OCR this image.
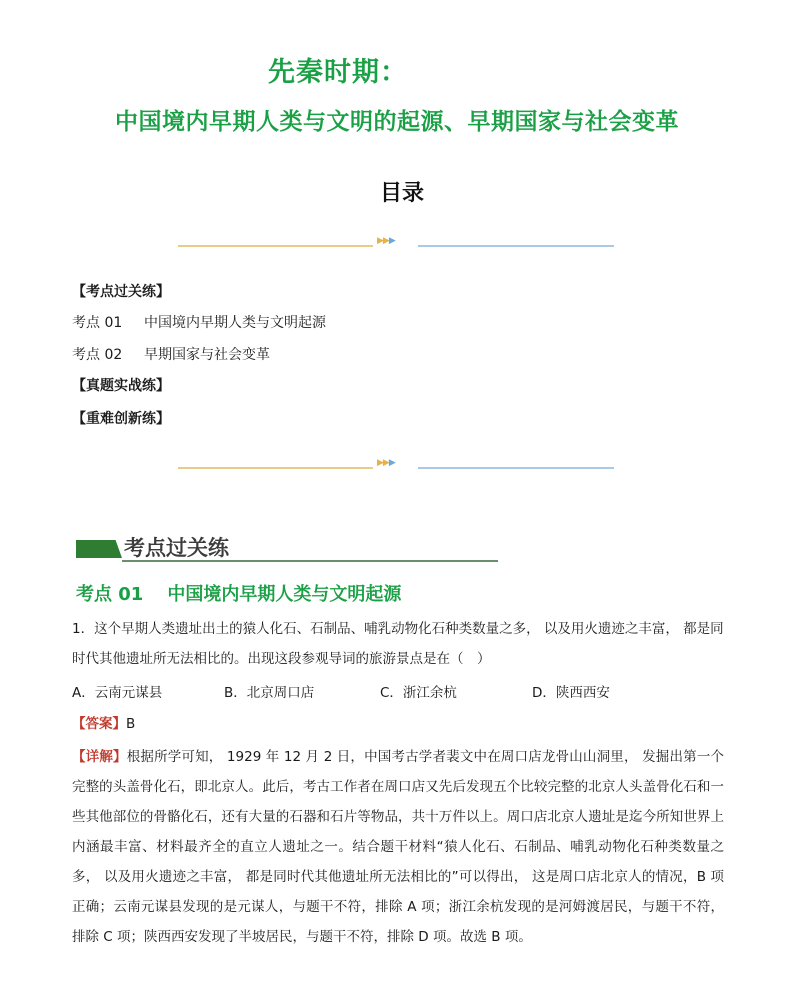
先秦时期：
中国境内早期人类与文明的起源、早期国家与社会变革
目录
▶▶▶
【考点过关练】
考点 01 中国境内早期人类与文明起源
考点 02 早期国家与社会变革
【真题实战练】
【重难创新练】
▶▶▶
考点过关练
考点 01 中国境内早期人类与文明起源
1．这个早期人类遗址出土的猿人化石、石制品、哺乳动物化石种类数量之多， 以及用火遗迹之丰富， 都是同时代其他遗址所无法相比的。出现这段参观导词的旅游景点是在（　）
A．云南元谋县	B．北京周口店	C．浙江余杭	D．陕西西安
【答案】B
【详解】根据所学可知， 1929 年 12 月 2 日，中国考古学者裴文中在周口店龙骨山山洞里， 发掘出第一个完整的头盖骨化石，即北京人。此后，考古工作者在周口店又先后发现五个比较完整的北京人头盖骨化石和一些其他部位的骨骼化石，还有大量的石器和石片等物品，共十万件以上。周口店北京人遗址是迄今所知世界上内涵最丰富、材料最齐全的直立人遗址之一。结合题干材料“猿人化石、石制品、哺乳动物化石种类数量之多， 以及用火遗迹之丰富， 都是同时代其他遗址所无法相比的”可以得出， 这是周口店北京人的情况，B 项正确；云南元谋县发现的是元谋人，与题干不符，排除 A 项；浙江余杭发现的是河姆渡居民，与题干不符，排除 C 项；陕西西安发现了半坡居民，与题干不符，排除 D 项。故选 B 项。
